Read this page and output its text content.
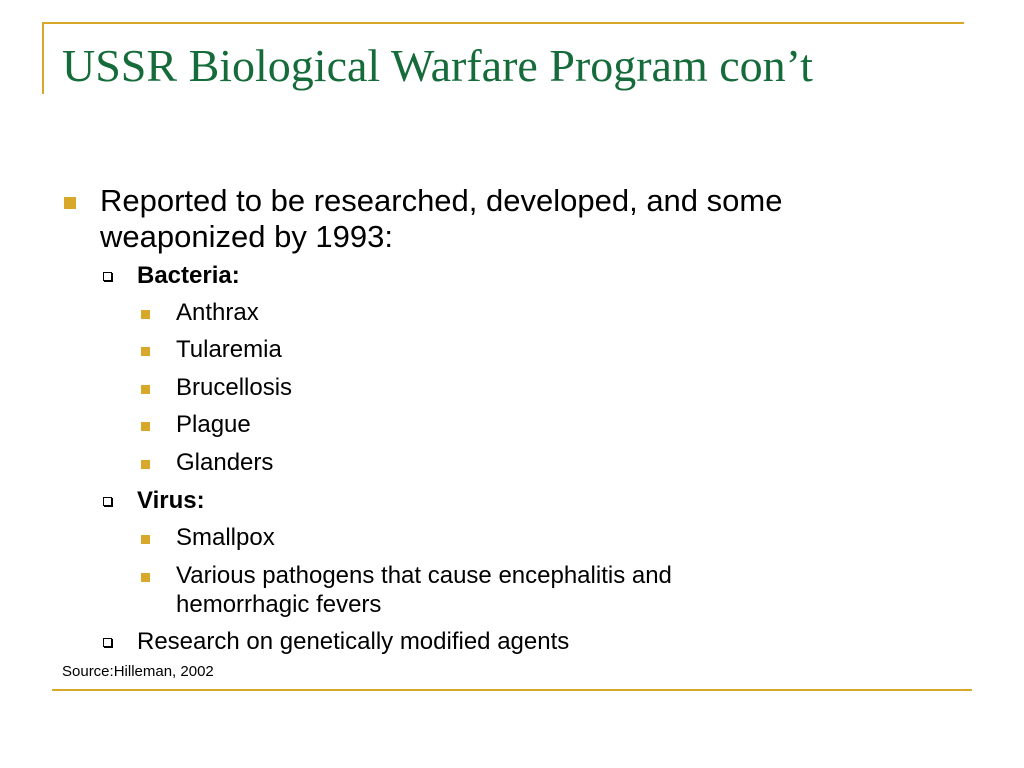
USSR Biological Warfare Program con’t
Reported to be researched, developed, and some
weaponized by 1993:
Bacteria:
Anthrax
Tularemia
Brucellosis
Plague
Glanders
Virus:
Smallpox
Various pathogens that cause encephalitis and
hemorrhagic fevers
Research on genetically modified agents
Source:Hilleman, 2002
